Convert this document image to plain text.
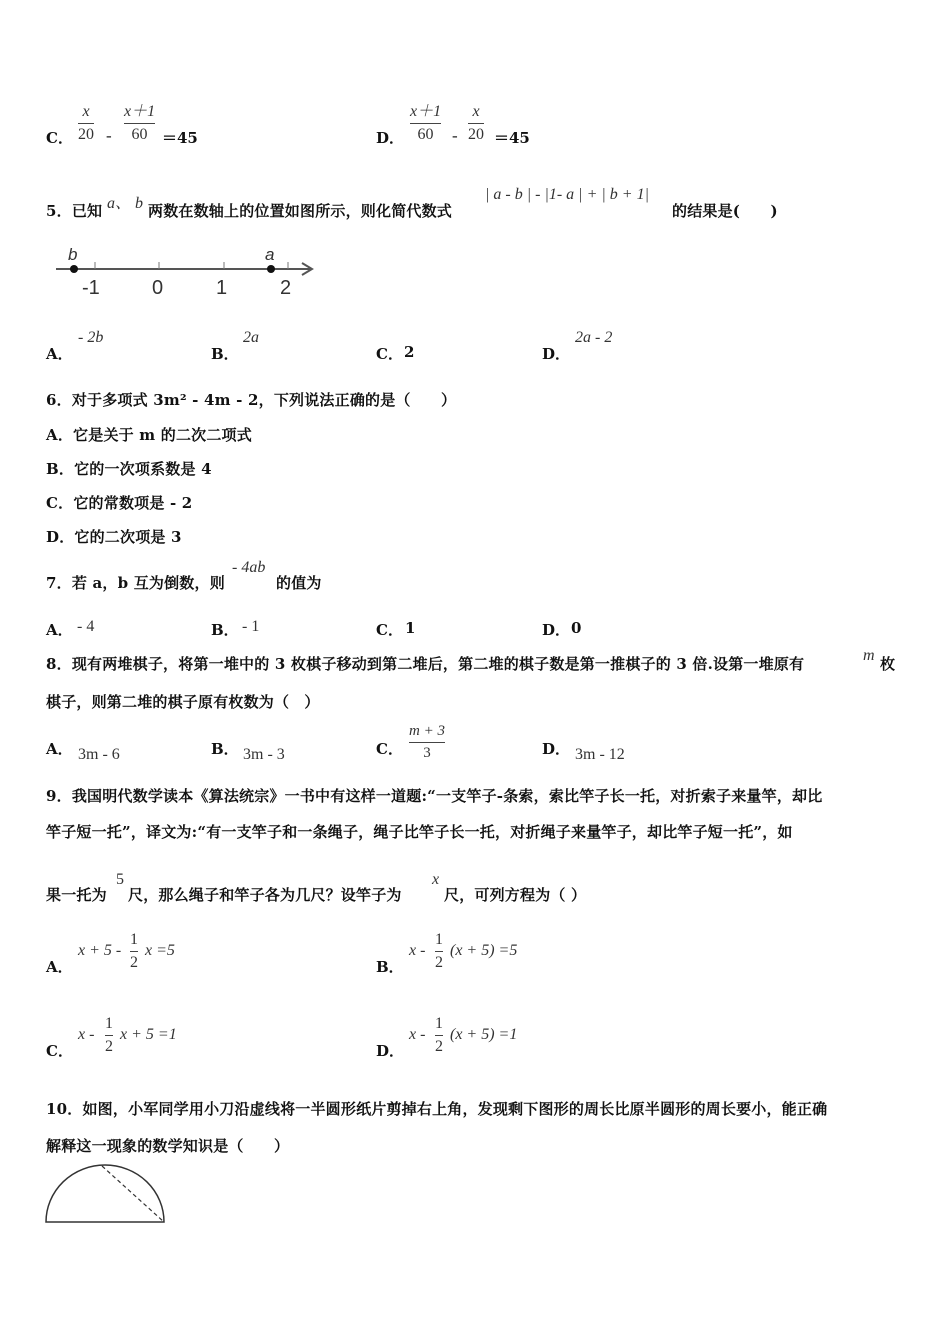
C．
x
20 -
x＋1
60 ＝45	D．
x＋1
60 -
x
20 ＝45
5．已知 a、 b 两数在数轴上的位置如图所示，则化简代数式
| a - b | - |1- a | + | b + 1|
的结果是(　　)
b	a
-1	0	1	2
A．
- 2b
B．
2a
C． 2	D．
2a - 2
6．对于多项式 3m² - 4m - 2，下列说法正确的是（　　）
A．它是关于 m 的二次二项式
B．它的一次项系数是 4
C．它的常数项是 - 2
D．它的二次项是 3
7．若 a，b 互为倒数，则
- 4ab
的值为
A． - 4	B． - 1	C． 1	D． 0
8．现有两堆棋子，将第一堆中的 3 枚棋子移动到第二堆后，第二堆的棋子数是第一推棋子的 3 倍.设第一堆原有	m 枚
棋子，则第二堆的棋子原有枚数为（　）
A． 3m - 6	B． 3m - 3	C．
m + 3
3	D． 3m - 12
9．我国明代数学读本《算法统宗》一书中有这样一道题:“一支竿子-条索，索比竿子长一托，对折索子来量竿，却比
竿子短一托”，译文为:“有一支竿子和一条绳子，绳子比竿子长一托，对折绳子来量竿子，却比竿子短一托”，如
果一托为
5
尺，那么绳子和竿子各为几尺？设竿子为
x
尺，可列方程为（ ）
A．
x + 5 -
1
2
x =5
B．
x -
1
2
(x + 5) =5
C．
x -
1
2
x + 5 =1
D．
x -
1
2
(x + 5) =1
10．如图，小军同学用小刀沿虚线将一半圆形纸片剪掉右上角，发现剩下图形的周长比原半圆形的周长要小，能正确
解释这一现象的数学知识是（　　）
